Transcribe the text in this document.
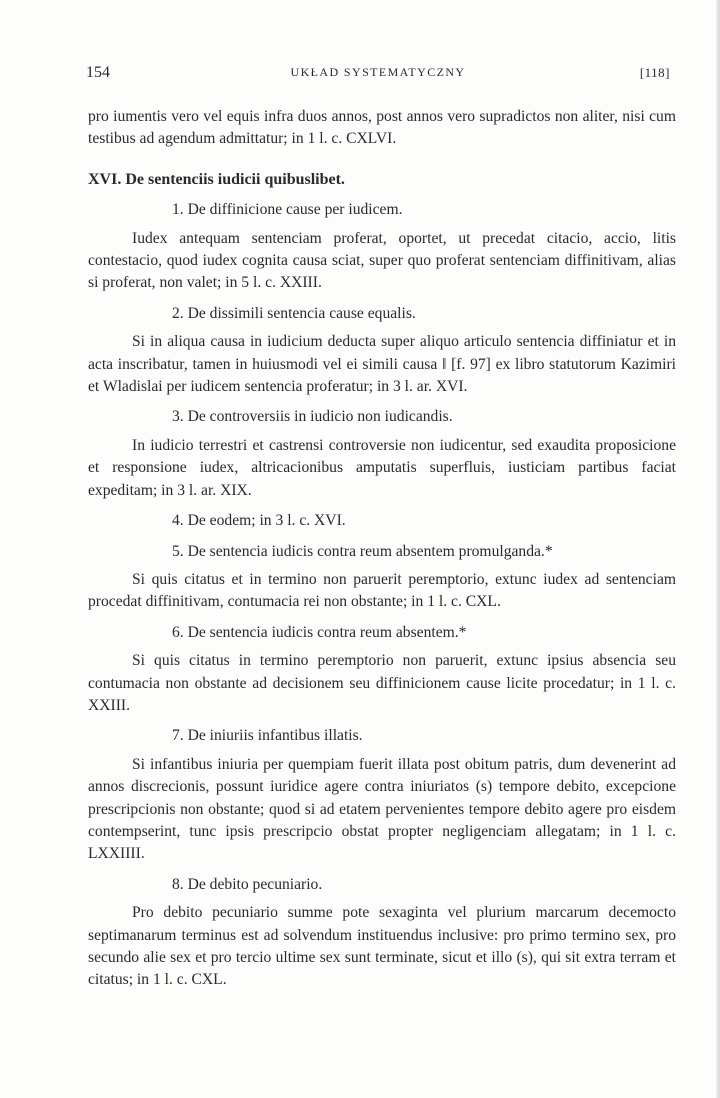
154	UKŁAD SYSTEMATYCZNY	[118]

pro iumentis vero vel equis infra duos annos, post annos vero supradictos non aliter, nisi cum testibus ad agendum admittatur; in 1 l. c. CXLVI.

XVI. De sentenciis iudicii quibuslibet.

1. De diffinicione cause per iudicem.

Iudex antequam sentenciam proferat, oportet, ut precedat citacio, accio, litis contestacio, quod iudex cognita causa sciat, super quo proferat sentenciam diffinitivam, alias si proferat, non valet; in 5 l. c. XXIII.

2. De dissimili sentencia cause equalis.

Si in aliqua causa in iudicium deducta super aliquo articulo sentencia diffiniatur et in acta inscribatur, tamen in huiusmodi vel ei simili causa ‖ [f. 97] ex libro statutorum Kazimiri et Wladislai per iudicem sentencia proferatur; in 3 l. ar. XVI.

3. De controversiis in iudicio non iudicandis.

In iudicio terrestri et castrensi controversie non iudicentur, sed exaudita proposicione et responsione iudex, altricacionibus amputatis superfluis, iusticiam partibus faciat expeditam; in 3 l. ar. XIX.

4. De eodem; in 3 l. c. XVI.

5. De sentencia iudicis contra reum absentem promulganda.*

Si quis citatus et in termino non paruerit peremptorio, extunc iudex ad sentenciam procedat diffinitivam, contumacia rei non obstante; in 1 l. c. CXL.

6. De sentencia iudicis contra reum absentem.*

Si quis citatus in termino peremptorio non paruerit, extunc ipsius absencia seu contumacia non obstante ad decisionem seu diffinicionem cause licite procedatur; in 1 l. c. XXIII.

7. De iniuriis infantibus illatis.

Si infantibus iniuria per quempiam fuerit illata post obitum patris, dum devenerint ad annos discrecionis, possunt iuridice agere contra iniuriatos (s) tempore debito, excepcione prescripcionis non obstante; quod si ad etatem pervenientes tempore debito agere pro eisdem contempserint, tunc ipsis prescripcio obstat propter negligenciam allegatam; in 1 l. c. LXXIIII.

8. De debito pecuniario.

Pro debito pecuniario summe pote sexaginta vel plurium marcarum decemocto septimanarum terminus est ad solvendum instituendus inclusive: pro primo termino sex, pro secundo alie sex et pro tercio ultime sex sunt terminate, sicut et illo (s), qui sit extra terram et citatus; in 1 l. c. CXL.
